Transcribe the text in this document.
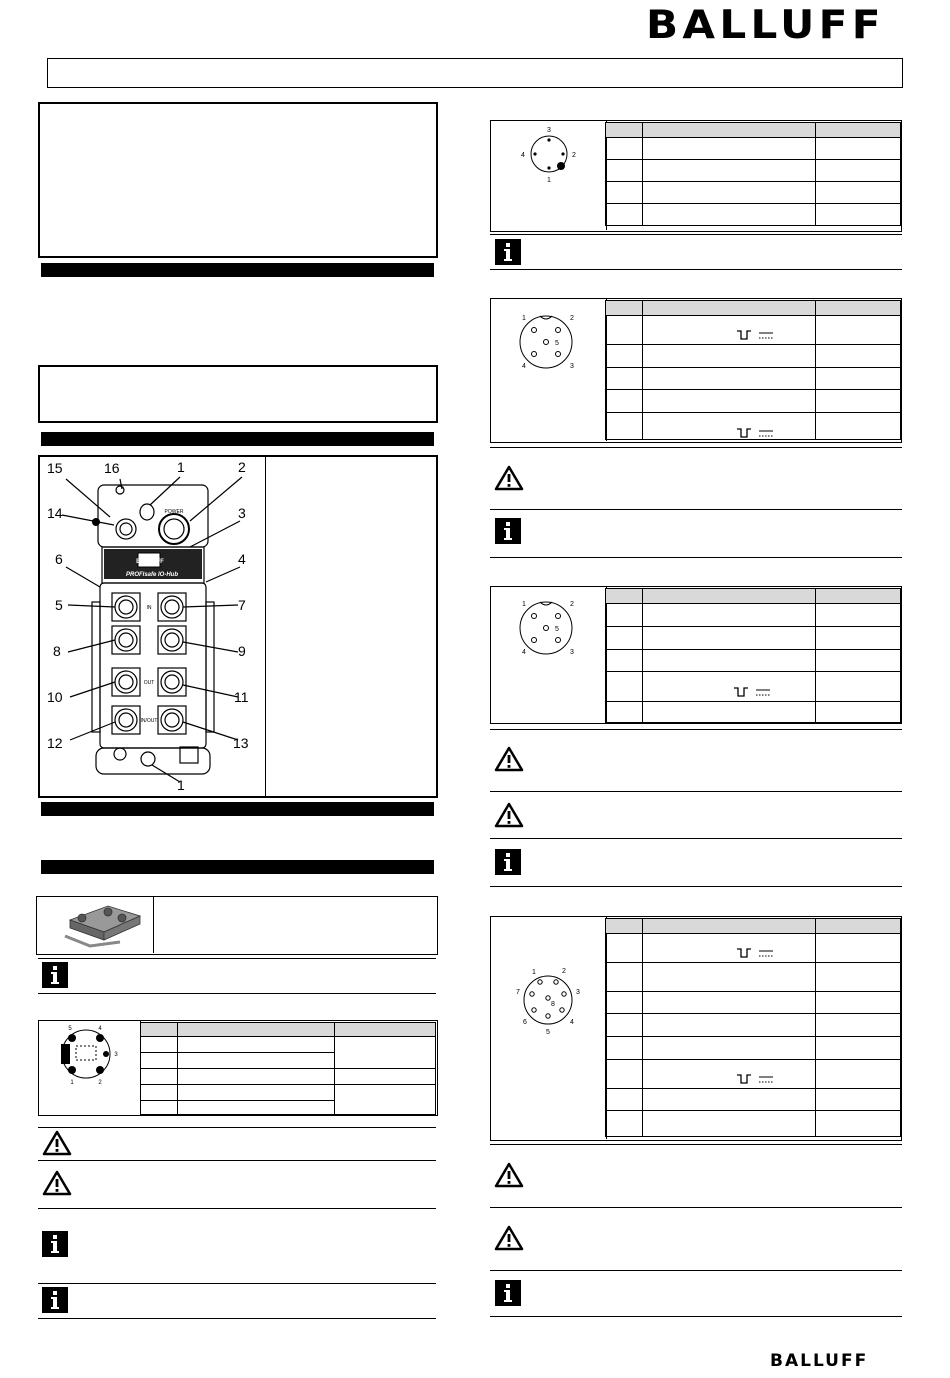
BALLUFF
POWER
IN
OUT
IN/OUT
BALLUFF
PROFIsafe IO-Hub
15	16	1	2
14	3
6	4
5	7
8	9
10	11
12	13
1
5	4
3
1	2

3
4	2
1

1	2
5
4	3

1	2
5
4	3

1	2
7	3
8
6	4
5

BALLUFF
